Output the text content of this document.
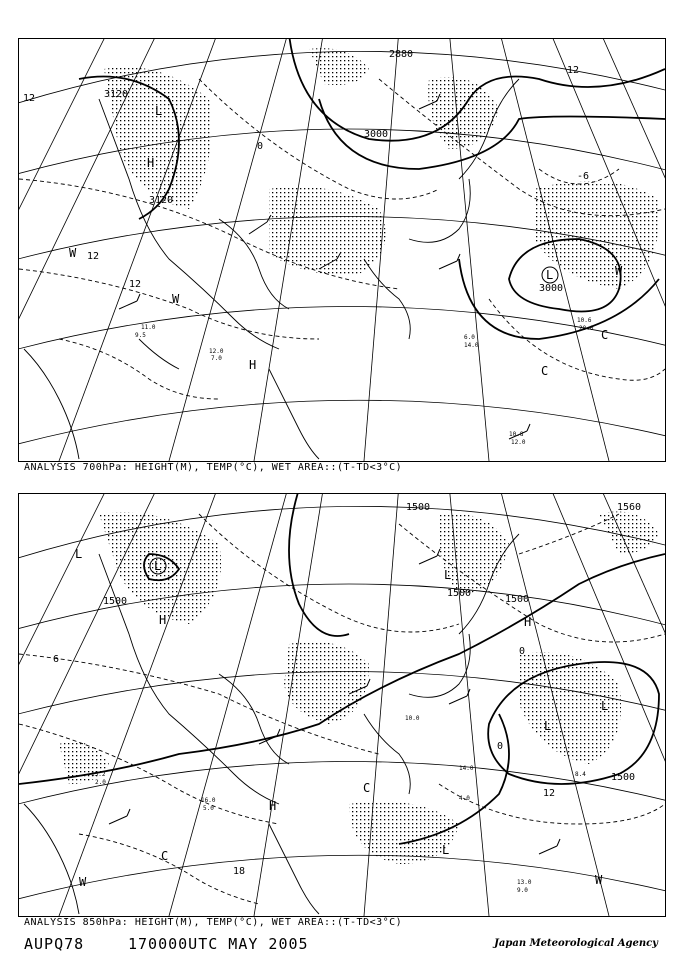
3120
3120
2880
3000
3000
12
12
12
12
0
-6
L
H
H
L
W
W
W
C
C
10.8
12.0
10.6
20.0
11.0
9.5
12.0
7.0
14.0
6.0
ANALYSIS 700hPa: HEIGHT(M), TEMP(°C), WET AREA::(T-TD<3°C)
1500
1500
1500
1560
1500
1500
18
12
0
0
6
L
L
H	H
H
L
L
L
L
C
C
W	W
15.2
2.0
16.0
5.0
10.0
14.0
4.0
8.4
13.0
9.0
ANALYSIS 850hPa: HEIGHT(M), TEMP(°C), WET AREA::(T-TD<3°C)
AUPQ78	170000UTC MAY 2005	Japan Meteorological Agency
